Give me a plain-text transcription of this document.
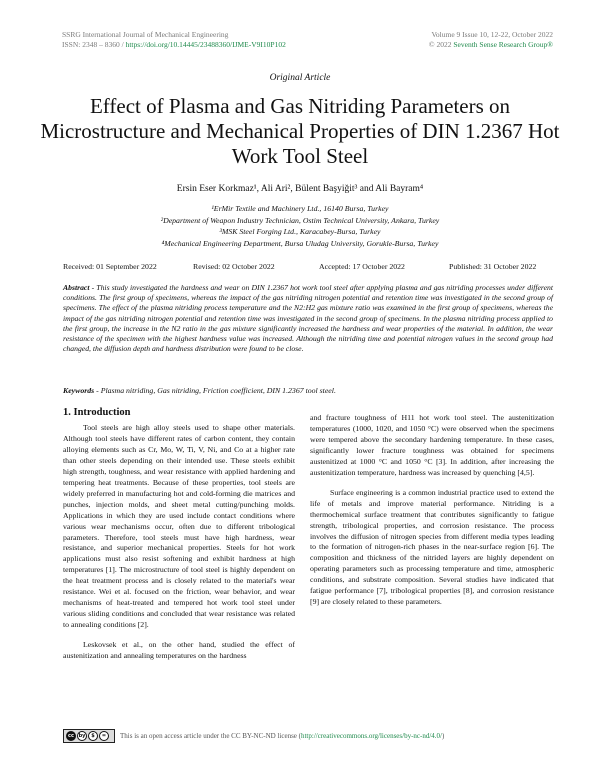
SSRG International Journal of Mechanical Engineering
ISSN: 2348 – 8360 / https://doi.org/10.14445/23488360/IJME-V9I10P102
Volume 9 Issue 10, 12-22, October 2022
© 2022 Seventh Sense Research Group®
Original Article
Effect of Plasma and Gas Nitriding Parameters on Microstructure and Mechanical Properties of DIN 1.2367 Hot Work Tool Steel
Ersin Eser Korkmaz¹, Ali Ari², Bülent Başyiğit³ and Ali Bayram⁴
¹ErMir Textile and Machinery Ltd., 16140 Bursa, Turkey
²Department of Weapon Industry Technician, Ostim Technical University, Ankara, Turkey
³MSK Steel Forging Ltd., Karacabey-Bursa, Turkey
⁴Mechanical Engineering Department, Bursa Uludag University, Gorukle-Bursa, Turkey
Received: 01 September 2022	Revised: 02 October 2022	Accepted: 17 October 2022	Published: 31 October 2022
Abstract - This study investigated the hardness and wear on DIN 1.2367 hot work tool steel after applying plasma and gas nitriding processes under different conditions. The first group of specimens, whereas the impact of the gas nitriding nitrogen potential and retention time was investigated in the second group of specimens. The effect of the plasma nitriding process temperature and the N2:H2 gas mixture ratio was examined in the first group of specimens, whereas the impact of the gas nitriding nitrogen potential and retention time was investigated in the second group of specimens. In the plasma nitriding process applied to the first group, the increase in the N2 ratio in the gas mixture significantly increased the hardness and wear properties of the material. In addition, the wear resistance of the specimen with the highest hardness value was increased. Although the nitriding time and potential nitrogen values in the second group had changed, the diffusion depth and hardness distribution were found to be close.
Keywords - Plasma nitriding, Gas nitriding, Friction coefficient, DIN 1.2367 tool steel.
1. Introduction

Tool steels are high alloy steels used to shape other materials. Although tool steels have different rates of carbon content, they contain alloying elements such as Cr, Mo, W, Ti, V, Ni, and Co at a higher rate than other steels depending on their intended use. These steels exhibit high strength, toughness, and wear resistance with applied hardening and tempering heat treatments. Because of these properties, tool steels are widely preferred in manufacturing hot and cold-forming die matrices and punches, injection molds, and sheet metal cutting/punching molds. Applications in which they are used include contact conditions where various wear mechanisms occur, often due to different tribological parameters. Therefore, tool steels must have high hardness, wear resistance, and superior mechanical properties. Steels for hot work applications must also resist softening and exhibit hardness at high temperatures [1]. The microstructure of tool steel is highly dependent on the heat treatment process and is closely related to the material's wear resistance. Wei et al. focused on the friction, wear behavior, and wear mechanisms of heat-treated and tempered hot work tool steel under various sliding conditions and concluded that wear resistance was related to annealing conditions [2].

Leskovsek et al., on the other hand, studied the effect of austenitization and annealing temperatures on the hardness

and fracture toughness of H11 hot work tool steel. The austenitization temperatures (1000, 1020, and 1050 °C) were observed when the specimens were tempered above the secondary hardening temperature. In these cases, significantly lower fracture toughness was obtained for specimens austenitized at 1000 °C and 1050 °C [3]. In addition, after increasing the austenitization temperature, hardness was increased by quenching [4,5].

Surface engineering is a common industrial practice used to extend the life of metals and improve material performance. Nitriding is a thermochemical surface treatment that contributes significantly to fatigue strength, tribological properties, and corrosion resistance. The process involves the diffusion of nitrogen species from different media types leading to the formation of nitrogen-rich phases in the near-surface region [6]. The composition and thickness of the nitrided layers are highly dependent on operating parameters such as processing temperature and time, atmospheric conditions, and substrate composition. Several studies have indicated that fatigue performance [7], tribological properties [8], and corrosion resistance [9] are closely related to these parameters.

cc by	$	=	This is an open access article under the CC BY-NC-ND license (http://creativecommons.org/licenses/by-nc-nd/4.0/)
